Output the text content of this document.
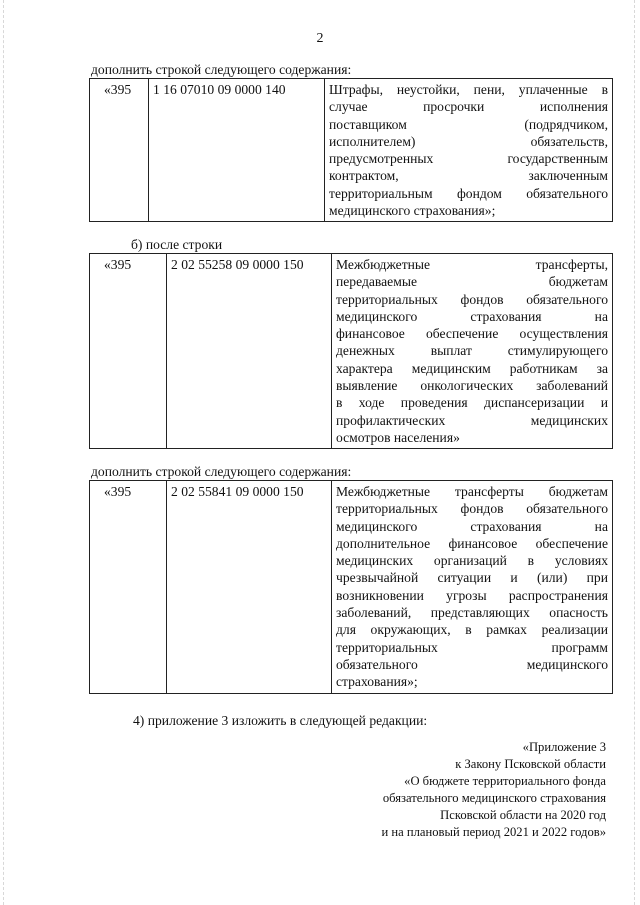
2
дополнить строкой следующего содержания:
«395	1 16 07010 09 0000 140	Штрафы, неустойки, пени, уплаченные в
случае просрочки исполнения
поставщиком (подрядчиком,
исполнителем) обязательств,
предусмотренных государственным
контрактом, заключенным
территориальным фондом обязательного
медицинского страхования»;
б) после строки
«395	2 02 55258 09 0000 150	Межбюджетные трансферты,
передаваемые бюджетам
территориальных фондов обязательного
медицинского страхования на
финансовое обеспечение осуществления
денежных выплат стимулирующего
характера медицинским работникам за
выявление онкологических заболеваний
в ходе проведения диспансеризации и
профилактических медицинских
осмотров населения»
дополнить строкой следующего содержания:
«395	2 02 55841 09 0000 150	Межбюджетные трансферты бюджетам
территориальных фондов обязательного
медицинского страхования на
дополнительное финансовое обеспечение
медицинских организаций в условиях
чрезвычайной ситуации и (или) при
возникновении угрозы распространения
заболеваний, представляющих опасность
для окружающих, в рамках реализации
территориальных программ
обязательного медицинского
страхования»;
4) приложение 3 изложить в следующей редакции:
«Приложение 3
к Закону Псковской области
«О бюджете территориального фонда
обязательного медицинского страхования
Псковской области на 2020 год
и на плановый период 2021 и 2022 годов»
